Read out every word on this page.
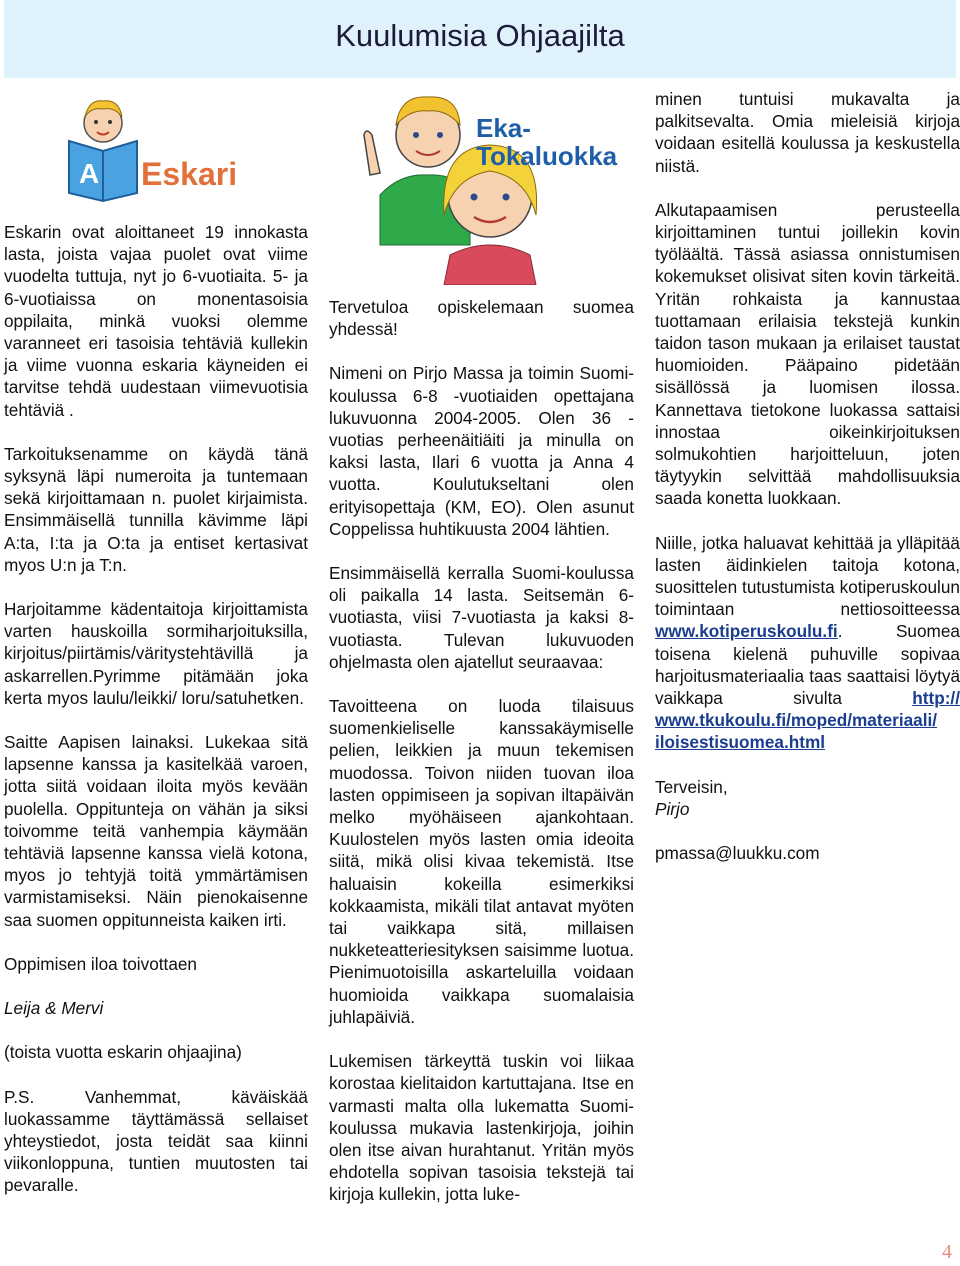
Kuulumisia Ohjaajilta
A Eskari
Eka-
Tokaluokka

Eskarin ovat aloittaneet 19 innokasta lasta, joista vajaa puolet ovat viime vuodelta tuttuja, nyt jo 6-vuotiaita. 5- ja 6-vuotiaissa on monentasoisia oppilaita, minkä vuoksi olemme varanneet eri tasoisia tehtäviä kullekin ja viime vuonna eskaria käyneiden ei tarvitse tehdä uudestaan viimevuotisia tehtäviä .

Tarkoituksenamme on käydä tänä syksynä läpi numeroita ja tuntemaan sekä kirjoittamaan n. puolet kirjaimista. Ensimmäisellä tunnilla kävimme läpi A:ta, I:ta ja O:ta ja entiset kertasivat myos U:n ja T:n.

Harjoitamme kädentaitoja kirjoittamista varten hauskoilla sormiharjoituksilla, kirjoitus/piirtämis/väritystehtävillä ja askarrellen.Pyrimme pitämään joka kerta myos laulu/leikki/ loru/satuhetken.

Saitte Aapisen lainaksi. Lukekaa sitä lapsenne kanssa ja kasitelkää varoen, jotta siitä voidaan iloita myös kevään puolella. Oppitunteja on vähän ja siksi toivomme teitä vanhempia käymään tehtäviä lapsenne kanssa vielä kotona, myos jo tehtyjä toitä ymmärtämisen varmistamiseksi. Näin pienokaisenne saa suomen oppitunneista kaiken irti.

Oppimisen iloa toivottaen

Leija & Mervi

(toista vuotta eskarin ohjaajina)

P.S. Vanhemmat, käväiskää luokassamme täyttämässä sellaiset yhteystiedot, josta teidät saa kiinni viikonloppuna, tuntien muutosten tai pevaralle.

Tervetuloa opiskelemaan suomea yhdessä!

Nimeni on Pirjo Massa ja toimin Suomi-koulussa 6-8 -vuotiaiden opettajana lukuvuonna 2004-2005. Olen 36 -vuotias perheenäitiäiti ja minulla on kaksi lasta, Ilari 6 vuotta ja Anna 4 vuotta. Koulutukseltani olen erityisopettaja (KM, EO). Olen asunut Coppelissa huhtikuusta 2004 lähtien.

Ensimmäisellä kerralla Suomi-koulussa oli paikalla 14 lasta. Seitsemän 6-vuotiasta, viisi 7-vuotiasta ja kaksi 8-vuotiasta. Tulevan lukuvuoden ohjelmasta olen ajatellut seuraavaa:

Tavoitteena on luoda tilaisuus suomenkieliselle kanssakäymiselle pelien, leikkien ja muun tekemisen muodossa. Toivon niiden tuovan iloa lasten oppimiseen ja sopivan iltapäivän melko myöhäiseen ajankohtaan. Kuulostelen myös lasten omia ideoita siitä, mikä olisi kivaa tekemistä. Itse haluaisin kokeilla esimerkiksi kokkaamista, mikäli tilat antavat myöten tai vaikkapa sitä, millaisen nukketeatteriesityksen saisimme luotua. Pienimuotoisilla askarteluilla voidaan huomioida vaikkapa suomalaisia juhlapäiviä.

Lukemisen tärkeyttä tuskin voi liikaa korostaa kielitaidon kartuttajana. Itse en varmasti malta olla lukematta Suomi-koulussa mukavia lastenkirjoja, joihin olen itse aivan hurahtanut. Yritän myös ehdotella sopivan tasoisia tekstejä tai kirjoja kullekin, jotta luke-

minen tuntuisi mukavalta ja palkitsevalta. Omia mieleisiä kirjoja voidaan esitellä koulussa ja keskustella niistä.

Alkutapaamisen perusteella kirjoittaminen tuntui joillekin kovin työläältä. Tässä asiassa onnistumisen kokemukset olisivat siten kovin tärkeitä. Yritän rohkaista ja kannustaa tuottamaan erilaisia tekstejä kunkin taidon tason mukaan ja erilaiset taustat huomioiden. Pääpaino pidetään sisällössä ja luomisen ilossa. Kannettava tietokone luokassa sattaisi innostaa oikeinkirjoituksen solmukohtien harjoitteluun, joten täytyykin selvittää mahdollisuuksia saada konetta luokkaan.

Niille, jotka haluavat kehittää ja ylläpitää lasten äidinkielen taitoja kotona, suosittelen tutustumista kotiperuskoulun toimintaan nettiosoitteessa www.kotiperuskoulu.fi. Suomea toisena kielenä puhuville sopivaa harjoitusmateriaalia taas saattaisi löytyä vaikkapa sivulta http:// www.tkukoulu.fi/moped/materiaali/ iloisestisuomea.html

Terveisin,
Pirjo

pmassa@luukku.com

4
